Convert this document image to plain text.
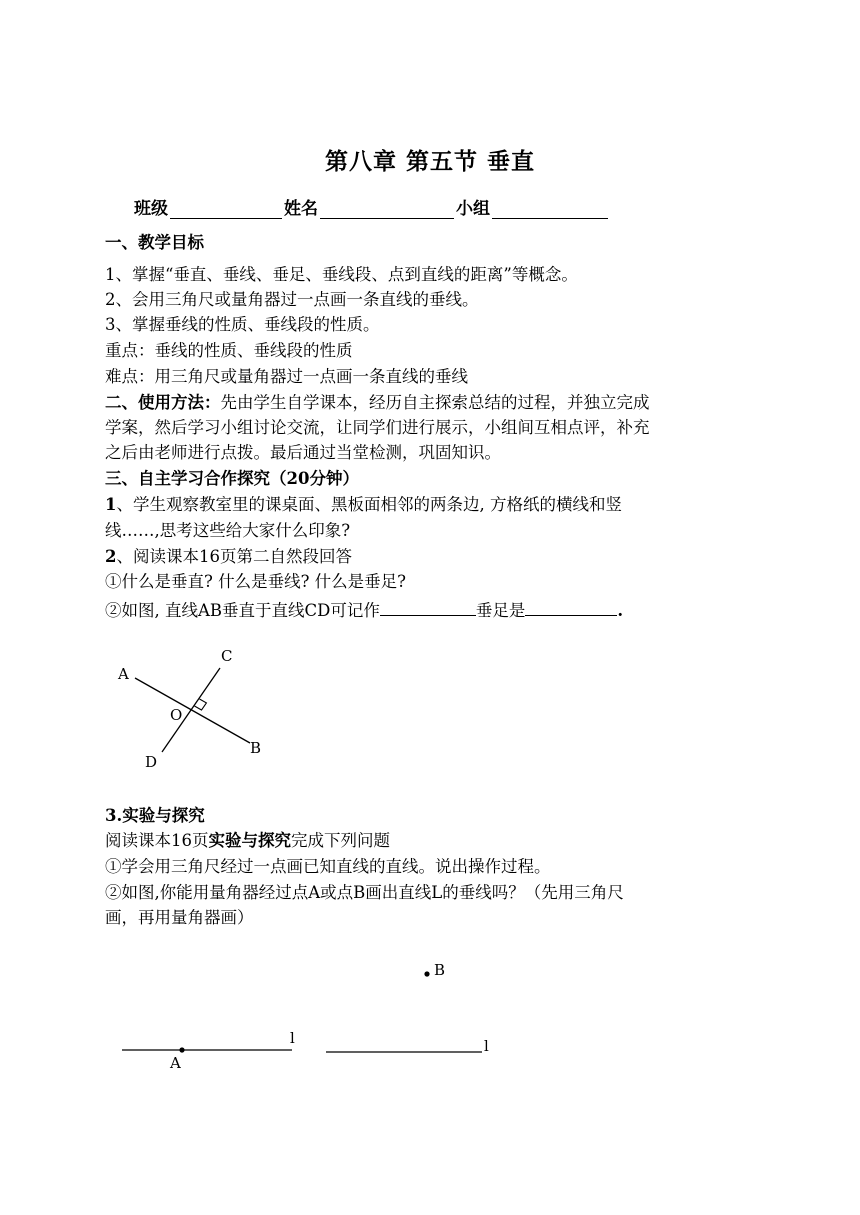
第八章 第五节 垂直
班级	姓名	小组
一、教学目标
1、掌握“垂直、垂线、垂足、垂线段、点到直线的距离”等概念。
2、会用三角尺或量角器过一点画一条直线的垂线。
3、掌握垂线的性质、垂线段的性质。
重点：垂线的性质、垂线段的性质
难点：用三角尺或量角器过一点画一条直线的垂线
二、使用方法：先由学生自学课本，经历自主探索总结的过程，并独立完成
学案，然后学习小组讨论交流，让同学们进行展示，小组间互相点评，补充
之后由老师进行点拨。最后通过当堂检测，巩固知识。
三、自主学习合作探究（20分钟）
1、学生观察教室里的课桌面、黑板面相邻的两条边, 方格纸的横线和竖
线……,思考这些给大家什么印象?
2、阅读课本16页第二自然段回答
①什么是垂直? 什么是垂线? 什么是垂足?
②如图, 直线AB垂直于直线CD可记作	垂足是	.
A
B
C
D
O
3.实验与探究
阅读课本16页实验与探究完成下列问题
①学会用三角尺经过一点画已知直线的直线。说出操作过程。
②如图,你能用量角器经过点A或点B画出直线L的垂线吗？（先用三角尺
画，再用量角器画）
A
l	l
B
